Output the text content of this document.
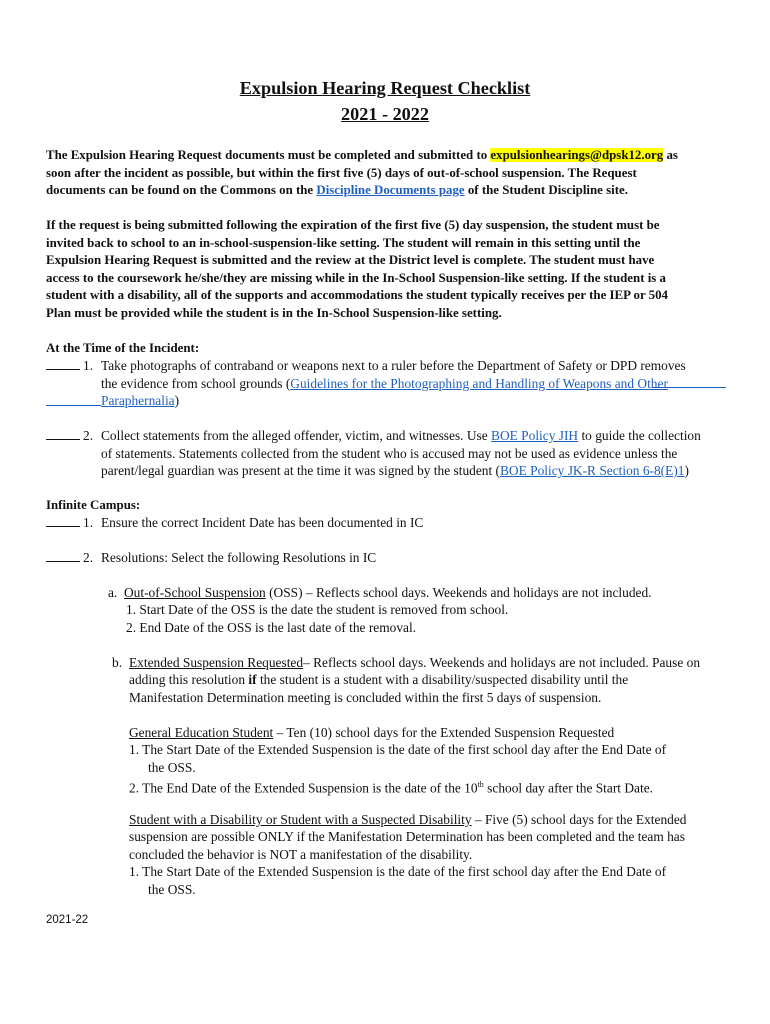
Expulsion Hearing Request Checklist
2021 - 2022
The Expulsion Hearing Request documents must be completed and submitted to expulsionhearings@dpsk12.org as
soon after the incident as possible, but within the first five (5) days of out-of-school suspension. The Request
documents can be found on the Commons on the Discipline Documents page of the Student Discipline site.
If the request is being submitted following the expiration of the first five (5) day suspension, the student must be
invited back to school to an in-school-suspension-like setting. The student will remain in this setting until the
Expulsion Hearing Request is submitted and the review at the District level is complete. The student must have
access to the coursework he/she/they are missing while in the In-School Suspension-like setting. If the student is a
student with a disability, all of the supports and accommodations the student typically receives per the IEP or 504
Plan must be provided while the student is in the In-School Suspension-like setting.
At the Time of the Incident:
1. Take photographs of contraband or weapons next to a ruler before the Department of Safety or DPD removes
the evidence from school grounds (Guidelines for the Photographing and Handling of Weapons and Other
Paraphernalia)
2. Collect statements from the alleged offender, victim, and witnesses. Use BOE Policy JIH to guide the collection
of statements. Statements collected from the student who is accused may not be used as evidence unless the
parent/legal guardian was present at the time it was signed by the student (BOE Policy JK-R Section 6-8(E)1)
Infinite Campus:
1. Ensure the correct Incident Date has been documented in IC
2. Resolutions: Select the following Resolutions in IC
a. Out-of-School Suspension (OSS) – Reflects school days. Weekends and holidays are not included.
1. Start Date of the OSS is the date the student is removed from school.
2. End Date of the OSS is the last date of the removal.
b. Extended Suspension Requested– Reflects school days. Weekends and holidays are not included. Pause on
adding this resolution if the student is a student with a disability/suspected disability until the
Manifestation Determination meeting is concluded within the first 5 days of suspension.
General Education Student – Ten (10) school days for the Extended Suspension Requested
1. The Start Date of the Extended Suspension is the date of the first school day after the End Date of
the OSS.
2. The End Date of the Extended Suspension is the date of the 10th school day after the Start Date.
Student with a Disability or Student with a Suspected Disability – Five (5) school days for the Extended
suspension are possible ONLY if the Manifestation Determination has been completed and the team has
concluded the behavior is NOT a manifestation of the disability.
1. The Start Date of the Extended Suspension is the date of the first school day after the End Date of
the OSS.
2021-22
